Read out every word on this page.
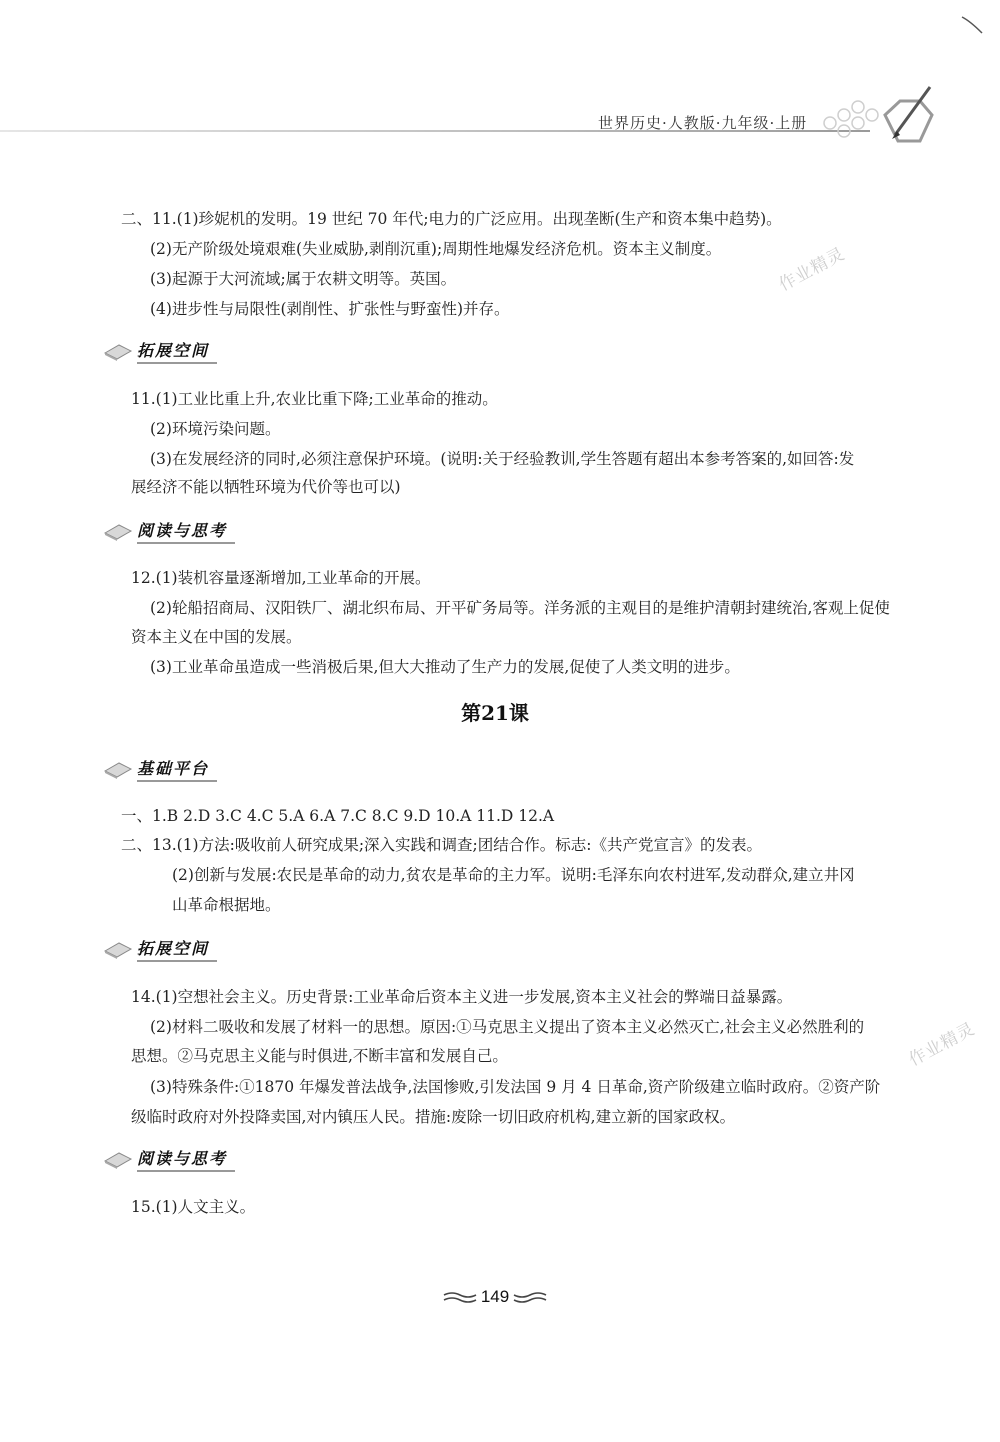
世界历史·人教版·九年级·上册
二、11.(1)珍妮机的发明。19 世纪 70 年代;电力的广泛应用。出现垄断(生产和资本集中趋势)。
(2)无产阶级处境艰难(失业威胁,剥削沉重);周期性地爆发经济危机。资本主义制度。
(3)起源于大河流域;属于农耕文明等。英国。
(4)进步性与局限性(剥削性、扩张性与野蛮性)并存。
拓展空间
11.(1)工业比重上升,农业比重下降;工业革命的推动。
(2)环境污染问题。
(3)在发展经济的同时,必须注意保护环境。(说明:关于经验教训,学生答题有超出本参考答案的,如回答:发
展经济不能以牺牲环境为代价等也可以)
阅读与思考
12.(1)装机容量逐渐增加,工业革命的开展。
(2)轮船招商局、汉阳铁厂、湖北织布局、开平矿务局等。洋务派的主观目的是维护清朝封建统治,客观上促使
资本主义在中国的发展。
(3)工业革命虽造成一些消极后果,但大大推动了生产力的发展,促使了人类文明的进步。
第21课
基础平台
一、1.B 2.D 3.C 4.C 5.A 6.A 7.C 8.C 9.D 10.A 11.D 12.A
二、13.(1)方法:吸收前人研究成果;深入实践和调查;团结合作。标志:《共产党宣言》的发表。
(2)创新与发展:农民是革命的动力,贫农是革命的主力军。说明:毛泽东向农村进军,发动群众,建立井冈
山革命根据地。
拓展空间
14.(1)空想社会主义。历史背景:工业革命后资本主义进一步发展,资本主义社会的弊端日益暴露。
(2)材料二吸收和发展了材料一的思想。原因:①马克思主义提出了资本主义必然灭亡,社会主义必然胜利的
思想。②马克思主义能与时俱进,不断丰富和发展自己。
(3)特殊条件:①1870 年爆发普法战争,法国惨败,引发法国 9 月 4 日革命,资产阶级建立临时政府。②资产阶
级临时政府对外投降卖国,对内镇压人民。措施:废除一切旧政府机构,建立新的国家政权。
阅读与思考
15.(1)人文主义。
作业精灵
作业精灵
149
